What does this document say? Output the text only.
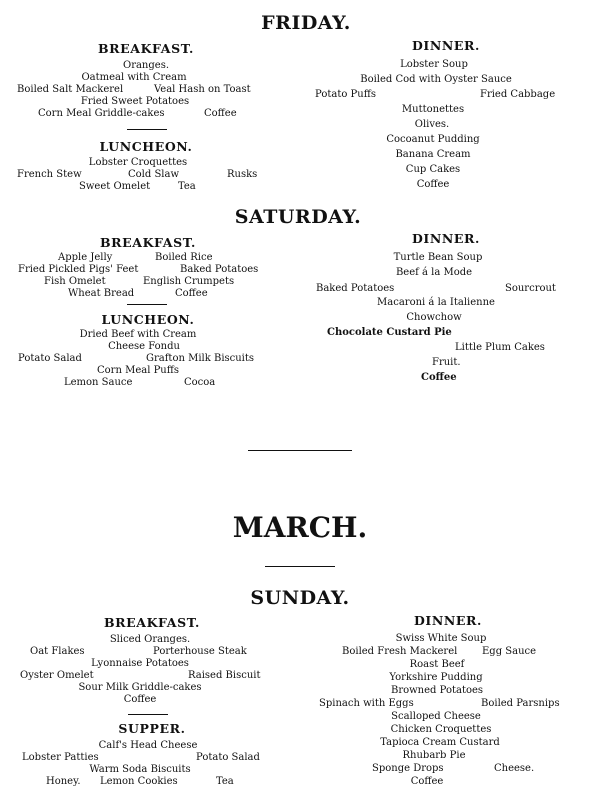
FRIDAY.
BREAKFAST.
Oranges.
Oatmeal with Cream
Boiled Salt Mackerel	Veal Hash on Toast
Fried Sweet Potatoes
Corn Meal Griddle-cakes	Coffee
LUNCHEON.
Lobster Croquettes
French Stew	Cold Slaw	Rusks
Sweet Omelet	Tea
DINNER.
Lobster Soup
Boiled Cod with Oyster Sauce
Potato Puffs	Fried Cabbage
Muttonettes
Olives.
Cocoanut Pudding
Banana Cream
Cup Cakes
Coffee
SATURDAY.
BREAKFAST.
Apple Jelly	Boiled Rice
Fried Pickled Pigs' Feet	Baked Potatoes
Fish Omelet	English Crumpets
Wheat Bread	Coffee
LUNCHEON.
Dried Beef with Cream
Cheese Fondu
Potato Salad	Grafton Milk Biscuits
Corn Meal Puffs
Lemon Sauce	Cocoa
DINNER.
Turtle Bean Soup
Beef á la Mode
Baked Potatoes	Sourcrout
Macaroni á la Italienne
Chowchow
Chocolate Custard Pie
Little Plum Cakes
Fruit.
Coffee
MARCH.
SUNDAY.
BREAKFAST.
Sliced Oranges.
Oat Flakes	Porterhouse Steak
Lyonnaise Potatoes
Oyster Omelet	Raised Biscuit
Sour Milk Griddle-cakes
Coffee
SUPPER.
Calf's Head Cheese
Lobster Patties	Potato Salad
Warm Soda Biscuits
Honey. Lemon Cookies	Tea
DINNER.
Swiss White Soup
Boiled Fresh Mackerel Egg Sauce
Roast Beef
Yorkshire Pudding
Browned Potatoes
Spinach with Eggs	Boiled Parsnips
Scalloped Cheese
Chicken Croquettes
Tapioca Cream Custard
Rhubarb Pie
Sponge Drops	Cheese.
Coffee
